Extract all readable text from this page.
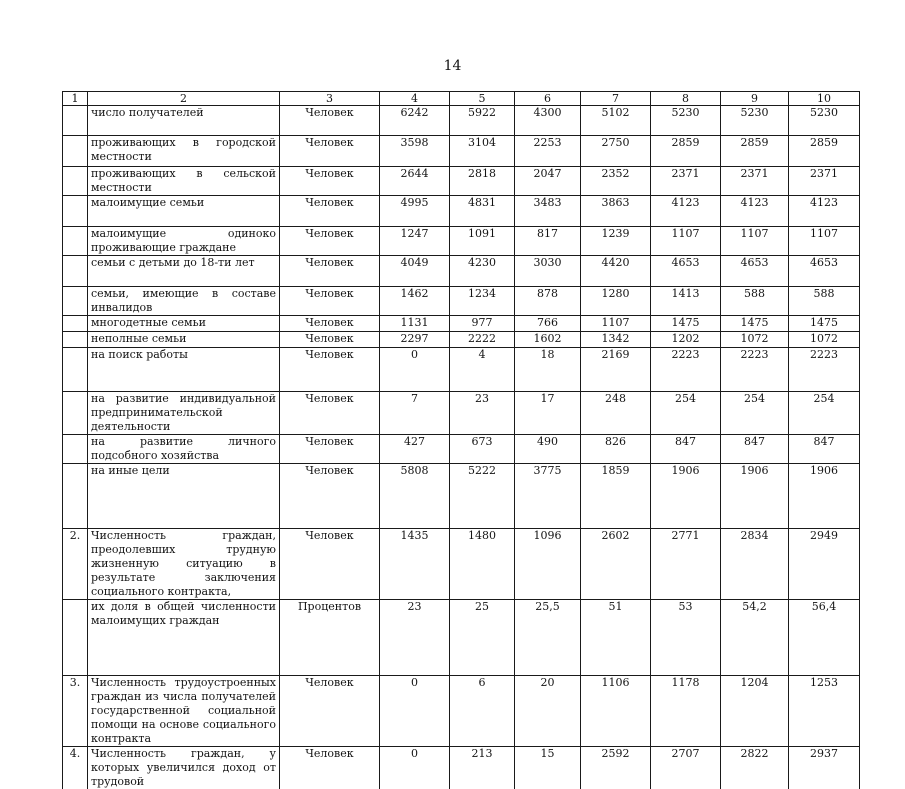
14
1	2	3	4	5	6	7	8	9	10
	число получателей	Человек	6242	5922	4300	5102	5230	5230	5230
	проживающих в городской местности	Человек	3598	3104	2253	2750	2859	2859	2859
	проживающих в сельской местности	Человек	2644	2818	2047	2352	2371	2371	2371
	малоимущие семьи	Человек	4995	4831	3483	3863	4123	4123	4123
	малоимущие одиноко проживающие граждане	Человек	1247	1091	817	1239	1107	1107	1107
	семьи с детьми до 18-ти лет	Человек	4049	4230	3030	4420	4653	4653	4653
	семьи, имеющие в составе инвалидов	Человек	1462	1234	878	1280	1413	588	588
	многодетные семьи	Человек	1131	977	766	1107	1475	1475	1475
	неполные семьи	Человек	2297	2222	1602	1342	1202	1072	1072
	на поиск работы	Человек	0	4	18	2169	2223	2223	2223
	на развитие индивидуальной предпринимательской деятельности	Человек	7	23	17	248	254	254	254
	на развитие личного подсобного хозяйства	Человек	427	673	490	826	847	847	847
	на иные цели	Человек	5808	5222	3775	1859	1906	1906	1906
2.	Численность граждан, преодолевших трудную жизненную ситуацию в результате заключения социального контракта,	Человек	1435	1480	1096	2602	2771	2834	2949
	их доля в общей численности малоимущих граждан	Процентов	23	25	25,5	51	53	54,2	56,4
3.	Численность трудоустроенных граждан из числа получателей государственной социальной помощи на основе социального контракта	Человек	0	6	20	1106	1178	1204	1253
4.	Численность граждан, у которых увеличился доход от трудовой	Человек	0	213	15	2592	2707	2822	2937
